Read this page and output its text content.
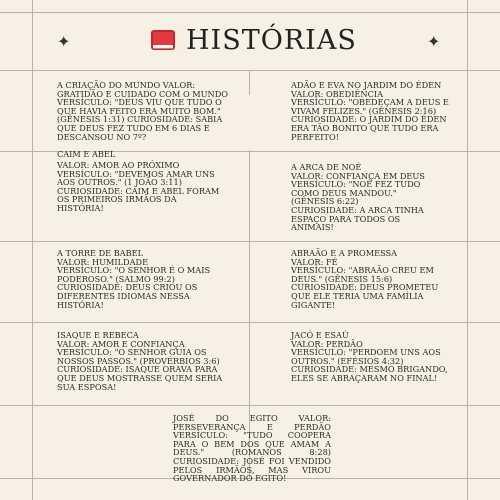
✦	✦
HISTÓRIAS
A CRIAÇÃO DO MUNDO VALOR: GRATIDÃO E CUIDADO COM O MUNDO VERSÍCULO: "DEUS VIU QUE TUDO O QUE HAVIA FEITO ERA MUITO BOM." (GÊNESIS 1:31) CURIOSIDADE: SABIA QUE DEUS FEZ TUDO EM 6 DIAS E DESCANSOU NO 7º?
ADÃO E EVA NO JARDIM DO ÉDEN
VALOR: OBEDIÊNCIA
VERSÍCULO: "OBEDEÇAM A DEUS E VIVAM FELIZES." (GÊNESIS 2:16)
CURIOSIDADE: O JARDIM DO ÉDEN ERA TÃO BONITO QUE TUDO ERA PERFEITO!
CAIM E ABEL
VALOR: AMOR AO PRÓXIMO
VERSÍCULO: "DEVEMOS AMAR UNS AOS OUTROS." (1 JOÃO 3:11)
CURIOSIDADE: CAIM E ABEL FORAM OS PRIMEIROS IRMÃOS DA HISTÓRIA!
A ARCA DE NOÉ
VALOR: CONFIANÇA EM DEUS
VERSÍCULO: "NOÉ FEZ TUDO COMO DEUS MANDOU." (GÊNESIS 6:22)
CURIOSIDADE: A ARCA TINHA ESPAÇO PARA TODOS OS ANIMAIS!
A TORRE DE BABEL
VALOR: HUMILDADE
VERSÍCULO: "O SENHOR É O MAIS PODEROSO." (SALMO 99:2)
CURIOSIDADE: DEUS CRIOU OS DIFERENTES IDIOMAS NESSA HISTÓRIA!
ABRAÃO E A PROMESSA
VALOR: FÉ
VERSÍCULO: "ABRAÃO CREU EM DEUS." (GÊNESIS 15:6)
CURIOSIDADE: DEUS PROMETEU QUE ELE TERIA UMA FAMÍLIA GIGANTE!
ISAQUE E REBECA
VALOR: AMOR E CONFIANÇA
VERSÍCULO: "O SENHOR GUIA OS NOSSOS PASSOS." (PROVÉRBIOS 3:6)
CURIOSIDADE: ISAQUE ORAVA PARA QUE DEUS MOSTRASSE QUEM SERIA SUA ESPOSA!
JACÓ E ESAÚ
VALOR: PERDÃO
VERSÍCULO: "PERDOEM UNS AOS OUTROS." (EFÉSIOS 4:32)
CURIOSIDADE: MESMO BRIGANDO, ELES SE ABRAÇARAM NO FINAL!
JOSÉ DO EGITO VALOR: PERSEVERANÇA E PERDÃO VERSÍCULO: "TUDO COOPERA PARA O BEM DOS QUE AMAM A DEUS." (ROMANOS 8:28) CURIOSIDADE: JOSÉ FOI VENDIDO PELOS IRMÃOS, MAS VIROU GOVERNADOR DO EGITO!
